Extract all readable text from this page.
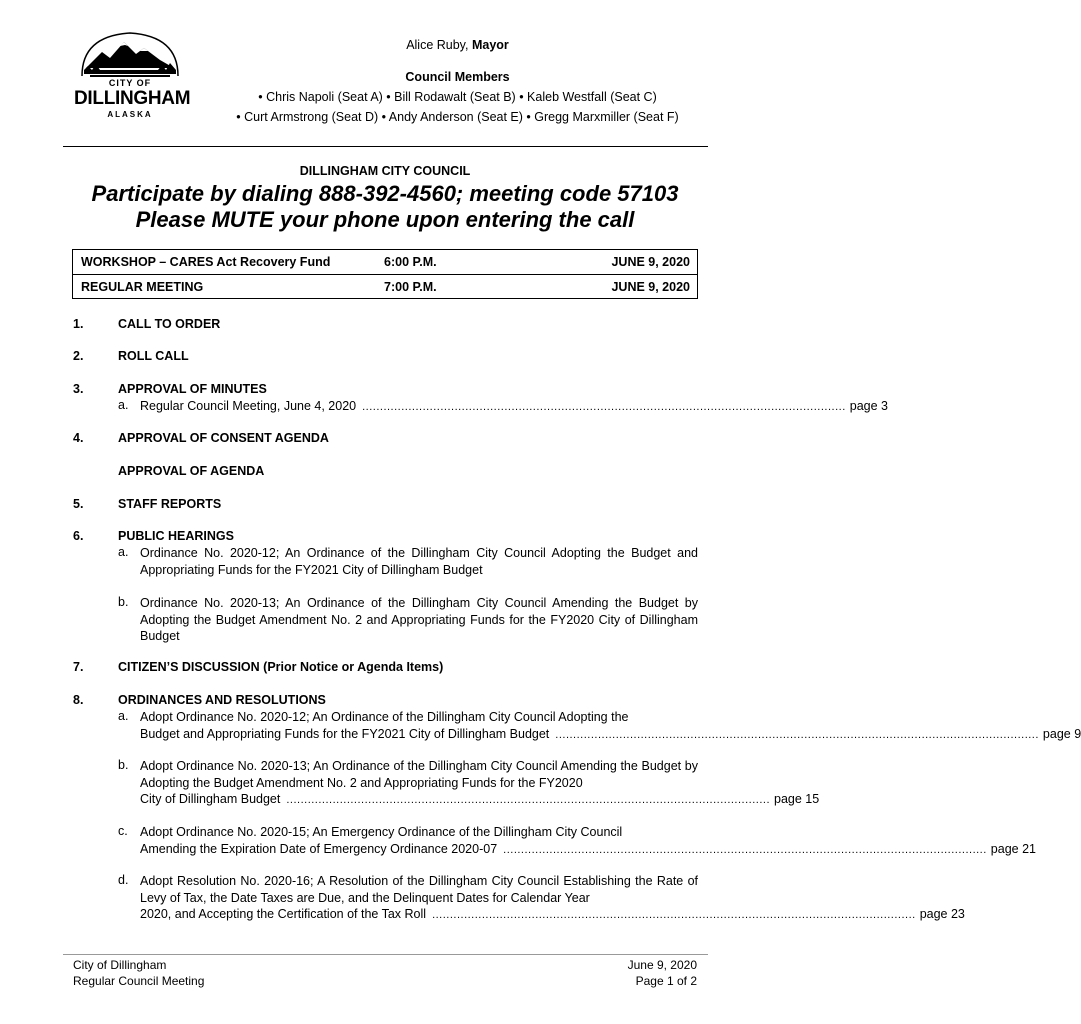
CITY OF
DILLINGHAM
ALASKA
Alice Ruby, Mayor
Council Members
• Chris Napoli (Seat A) • Bill Rodawalt (Seat B) • Kaleb Westfall (Seat C)
• Curt Armstrong (Seat D) • Andy Anderson (Seat E) • Gregg Marxmiller (Seat F)
DILLINGHAM CITY COUNCIL
Participate by dialing 888-392-4560; meeting code 57103
Please MUTE your phone upon entering the call
WORKSHOP – CARES Act Recovery Fund	6:00 P.M.	JUNE 9, 2020
REGULAR MEETING	7:00 P.M.	JUNE 9, 2020
1.	CALL TO ORDER
2.	ROLL CALL
3.	APPROVAL OF MINUTES
a. Regular Council Meeting, June 4, 2020 ........................................................................................................................................ page 3
4.	APPROVAL OF CONSENT AGENDA
APPROVAL OF AGENDA
5.	STAFF REPORTS
6.	PUBLIC HEARINGS
a. Ordinance No. 2020-12; An Ordinance of the Dillingham City Council Adopting the Budget and Appropriating Funds for the FY2021 City of Dillingham Budget
b. Ordinance No. 2020-13; An Ordinance of the Dillingham City Council Amending the Budget by Adopting the Budget Amendment No. 2 and Appropriating Funds for the FY2020 City of Dillingham Budget
7.	CITIZEN’S DISCUSSION (Prior Notice or Agenda Items)
8.	ORDINANCES AND RESOLUTIONS
a. Adopt Ordinance No. 2020-12; An Ordinance of the Dillingham City Council Adopting the
Budget and Appropriating Funds for the FY2021 City of Dillingham Budget ........................................................................................................................................ page 9
b. Adopt Ordinance No. 2020-13; An Ordinance of the Dillingham City Council Amending the Budget by Adopting the Budget Amendment No. 2 and Appropriating Funds for the FY2020
City of Dillingham Budget ........................................................................................................................................ page 15
c. Adopt Ordinance No. 2020-15; An Emergency Ordinance of the Dillingham City Council
Amending the Expiration Date of Emergency Ordinance 2020-07 ........................................................................................................................................ page 21
d. Adopt Resolution No. 2020-16; A Resolution of the Dillingham City Council Establishing the Rate of Levy of Tax, the Date Taxes are Due, and the Delinquent Dates for Calendar Year
2020, and Accepting the Certification of the Tax Roll ........................................................................................................................................ page 23
City of Dillingham
Regular Council Meeting
June 9, 2020
Page 1 of 2
